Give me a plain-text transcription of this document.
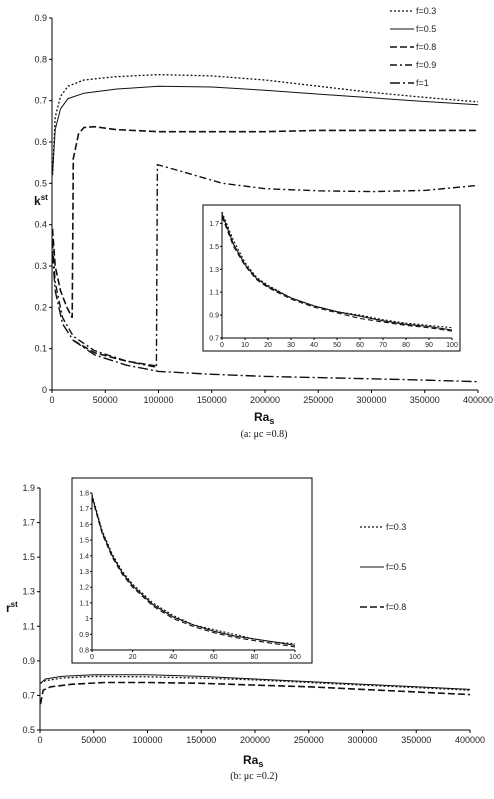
0
0.1
0.2
0.3
0.4
0.5
0.6
0.7
0.8
0.9
0	50000	100000	150000	200000	250000	300000	350000	400000
$k^{st}$
$Ra_s$
(a: μc =0.8)
f=0.3
f=0.5
f=0.8
f=0.9
f=1
0.7
0.9
1.1
1.3
1.5
1.7
0 10 20 30 40 50 60 70 80 90 100
0.5
0.7
0.9
1.1
1.3
1.5
1.7
1.9
0	50000	100000	150000	200000	250000	300000	350000	400000
$r^{st}$
$Ra_s$
(b: μc =0.2)
f=0.3
f=0.5
f=0.8
0.8
0.9
1
1.1
1.2
1.3
1.4
1.5
1.6
1.7
1.8
0	20	40	60	80	100
